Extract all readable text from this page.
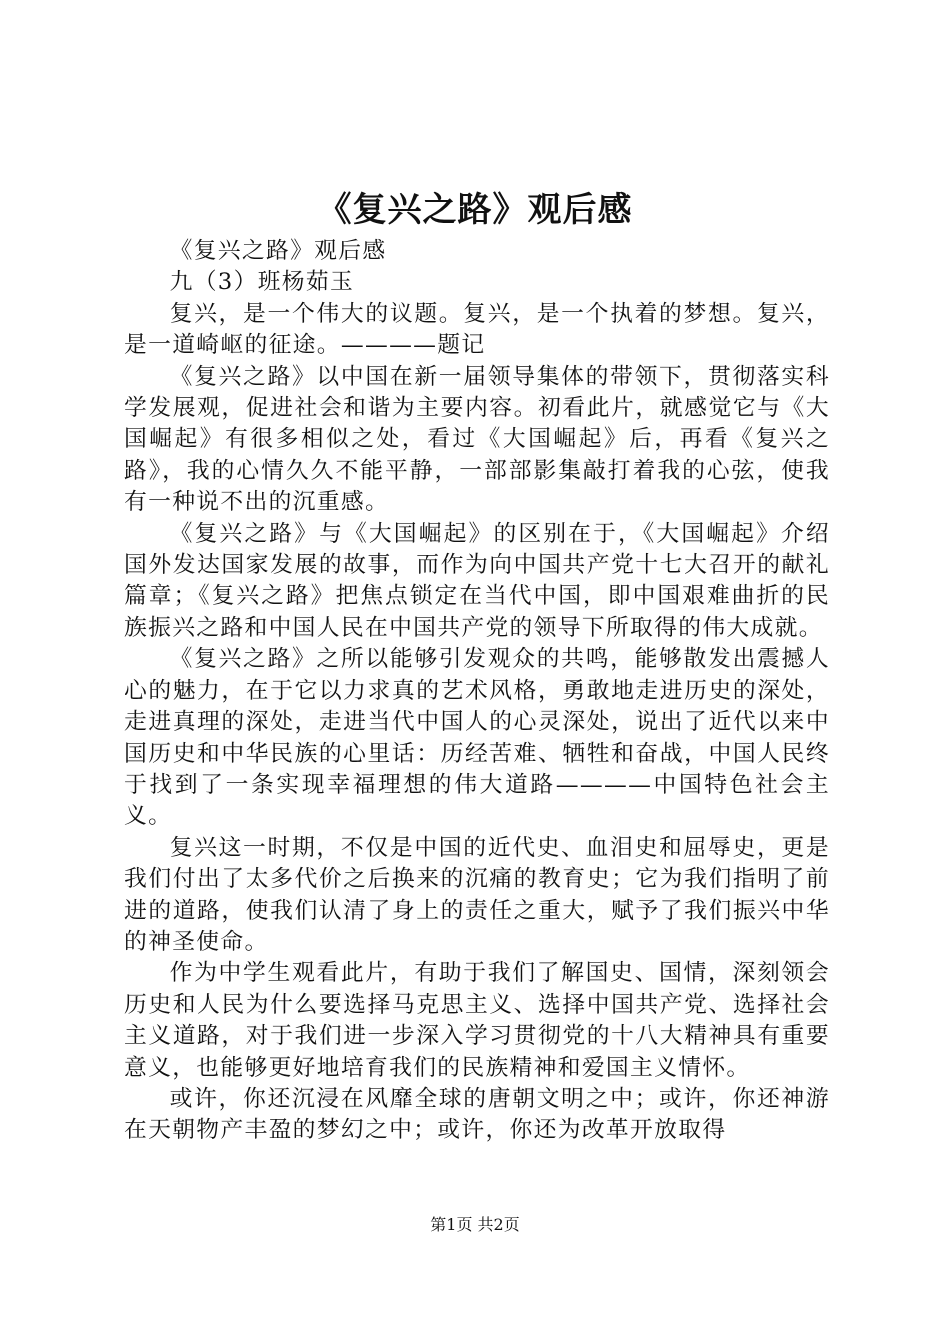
《复兴之路》观后感

《复兴之路》观后感

九（3）班杨茹玉

复兴，是一个伟大的议题。复兴，是一个执着的梦想。复兴，是一道崎岖的征途。————题记

《复兴之路》以中国在新一届领导集体的带领下，贯彻落实科学发展观，促进社会和谐为主要内容。初看此片，就感觉它与《大国崛起》有很多相似之处，看过《大国崛起》后，再看《复兴之路》，我的心情久久不能平静，一部部影集敲打着我的心弦，使我有一种说不出的沉重感。

《复兴之路》与《大国崛起》的区别在于，《大国崛起》介绍国外发达国家发展的故事，而作为向中国共产党十七大召开的献礼篇章；《复兴之路》把焦点锁定在当代中国，即中国艰难曲折的民族振兴之路和中国人民在中国共产党的领导下所取得的伟大成就。

《复兴之路》之所以能够引发观众的共鸣，能够散发出震撼人心的魅力，在于它以力求真的艺术风格，勇敢地走进历史的深处，走进真理的深处，走进当代中国人的心灵深处，说出了近代以来中国历史和中华民族的心里话：历经苦难、牺牲和奋战，中国人民终于找到了一条实现幸福理想的伟大道路————中国特色社会主义。

复兴这一时期，不仅是中国的近代史、血泪史和屈辱史，更是我们付出了太多代价之后换来的沉痛的教育史；它为我们指明了前进的道路，使我们认清了身上的责任之重大，赋予了我们振兴中华的神圣使命。

作为中学生观看此片，有助于我们了解国史、国情，深刻领会历史和人民为什么要选择马克思主义、选择中国共产党、选择社会主义道路，对于我们进一步深入学习贯彻党的十八大精神具有重要意义，也能够更好地培育我们的民族精神和爱国主义情怀。

或许，你还沉浸在风靡全球的唐朝文明之中；或许，你还神游在天朝物产丰盈的梦幻之中；或许，你还为改革开放取得

第1页 共2页
